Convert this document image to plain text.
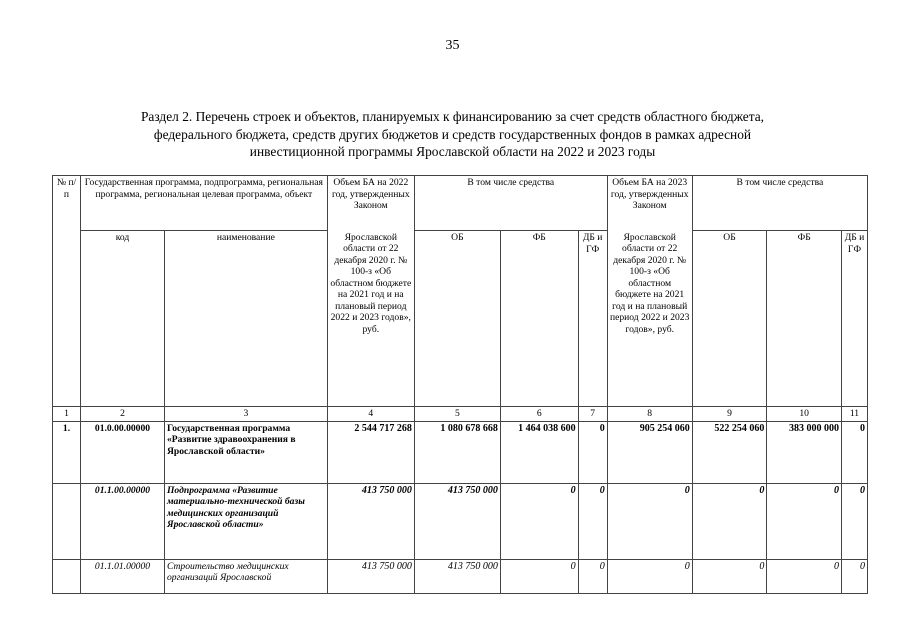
35
Раздел 2. Перечень строек и объектов, планируемых к финансированию за счет средств областного бюджета,
федерального бюджета, средств других бюджетов и средств государственных фондов в рамках адресной
инвестиционной программы Ярославской области на 2022 и 2023 годы
№ п/п	Государственная программа, подпрограмма, региональная программа, региональная целевая программа, объект		Объем БА на 2022 год, утвержденных Законом	В том числе средства			Объем БА на 2023 год, утвержденных Законом	В том числе средства		
	код	наименование	Ярославской области от 22 декабря 2020 г. № 100-з «Об областном бюджете на 2021 год и на плановый период 2022 и 2023 годов», руб.	ОБ	ФБ	ДБ и ГФ	Ярославской области от 22 декабря 2020 г. № 100-з «Об областном бюджете на 2021 год и на плановый период 2022 и 2023 годов», руб.	ОБ	ФБ	ДБ и ГФ
1	2	3	4	5	6	7	8	9	10	11
1.	01.0.00.00000	Государственная программа «Развитие здравоохранения в Ярославской области»	2 544 717 268	1 080 678 668	1 464 038 600	0	905 254 060	522 254 060	383 000 000	0
	01.1.00.00000	Подпрограмма «Развитие материально-технической базы медицинских организаций Ярославской области»	413 750 000	413 750 000	0	0	0	0	0	0
	01.1.01.00000	Строительство медицинских организаций Ярославской	413 750 000	413 750 000	0	0	0	0	0	0
